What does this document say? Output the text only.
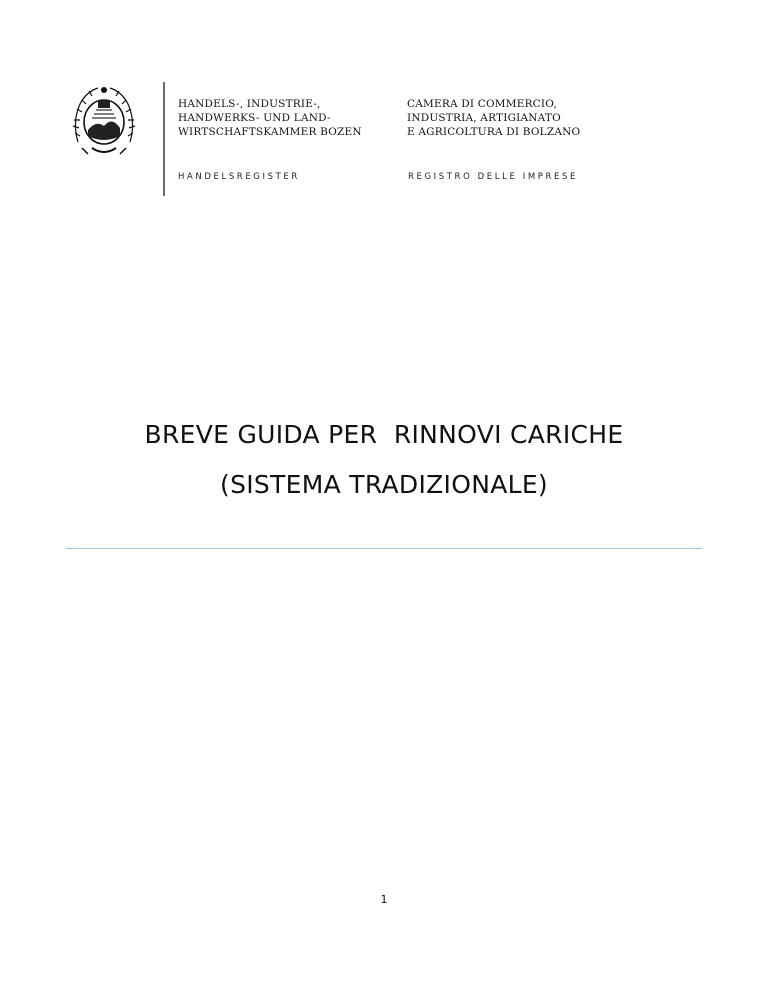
HANDELS-, INDUSTRIE-,
HANDWERKS- UND LAND-
WIRTSCHAFTSKAMMER BOZEN
CAMERA DI COMMERCIO,
INDUSTRIA, ARTIGIANATO
E AGRICOLTURA DI BOLZANO
HANDELSREGISTER	REGISTRO DELLE IMPRESE
BREVE GUIDA PER  RINNOVI CARICHE
(SISTEMA TRADIZIONALE)
1
